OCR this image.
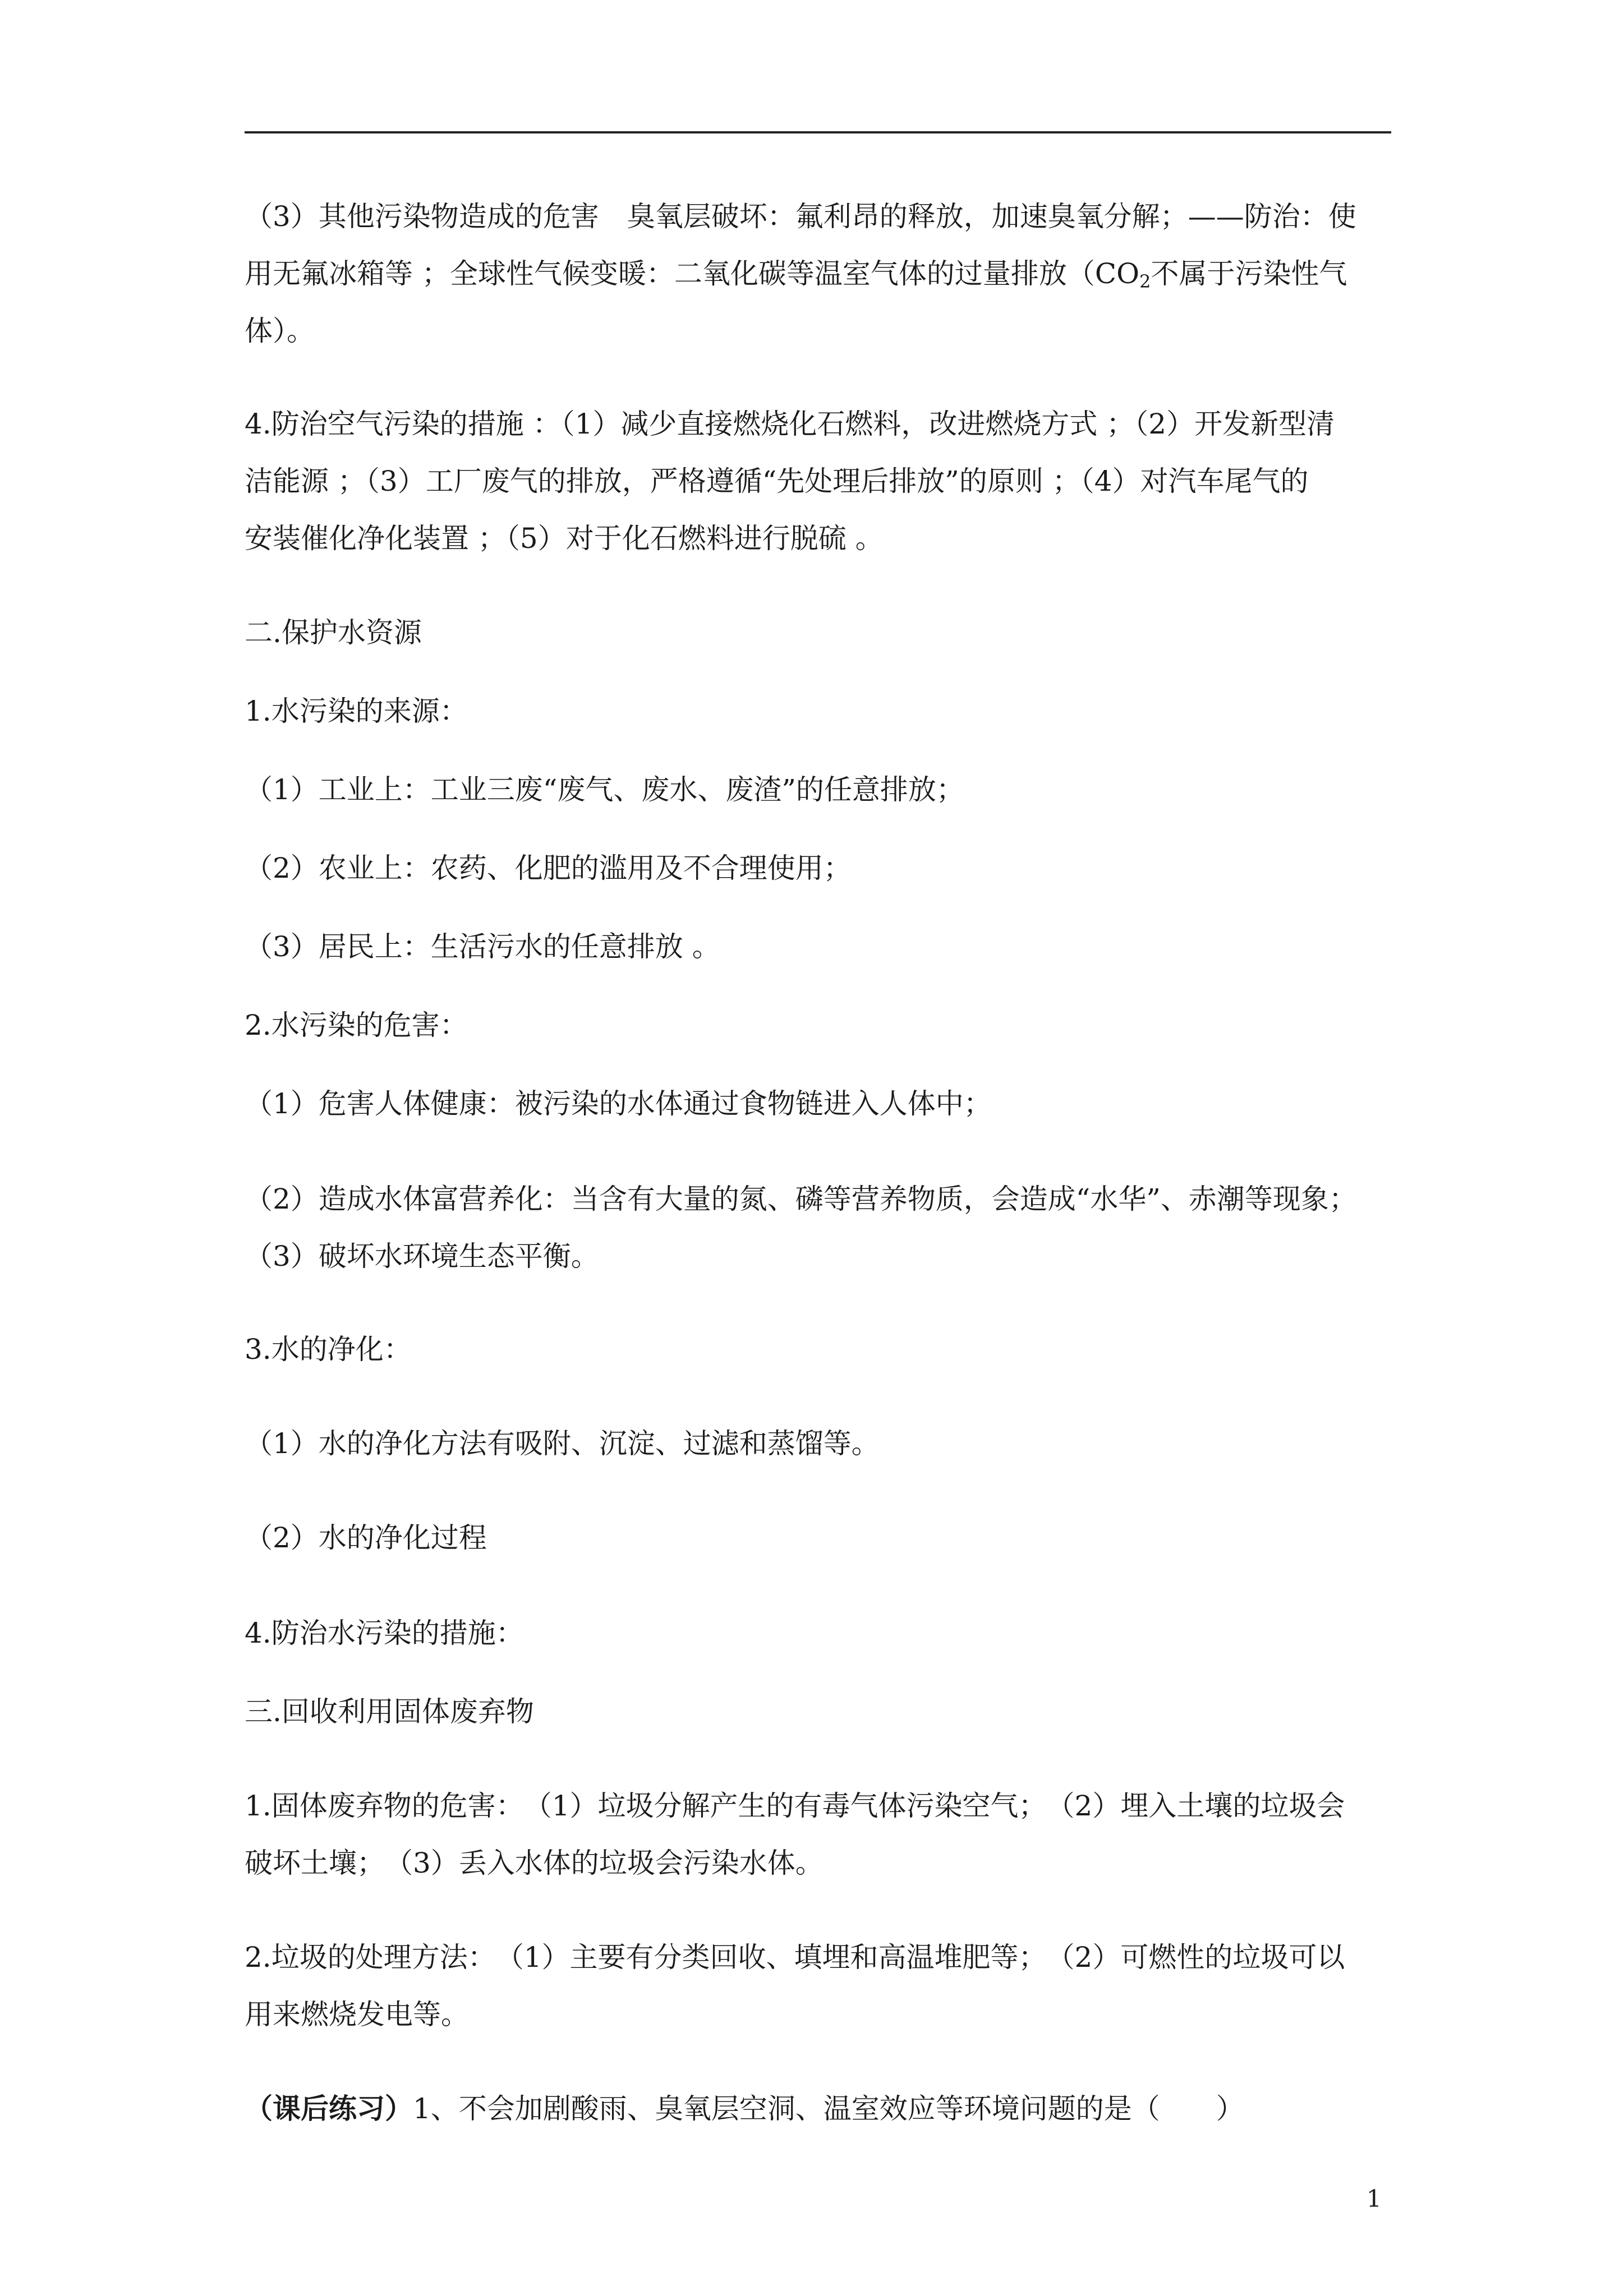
（3）其他污染物造成的危害　臭氧层破坏：氟利昂的释放，加速臭氧分解；——防治：使
用无氟冰箱等 ；全球性气候变暖：二氧化碳等温室气体的过量排放（$CO_2$不属于污染性气
体）。
4.防治空气污染的措施 ：（1）减少直接燃烧化石燃料，改进燃烧方式 ；（2）开发新型清
洁能源 ；（3）工厂废气的排放，严格遵循“先处理后排放”的原则 ；（4）对汽车尾气的
安装催化净化装置 ；（5）对于化石燃料进行脱硫 。
二.保护水资源
1.水污染的来源：
（1）工业上：工业三废“废气、废水、废渣”的任意排放；
（2）农业上：农药、化肥的滥用及不合理使用；
（3）居民上：生活污水的任意排放 。
2.水污染的危害：
（1）危害人体健康：被污染的水体通过食物链进入人体中；
（2）造成水体富营养化：当含有大量的氮、磷等营养物质，会造成“水华”、赤潮等现象；
（3）破坏水环境生态平衡。
3.水的净化：
（1）水的净化方法有吸附、沉淀、过滤和蒸馏等。
（2）水的净化过程
4.防治水污染的措施：
三.回收利用固体废弃物
1.固体废弃物的危害：　（1）垃圾分解产生的有毒气体污染空气；　（2）埋入土壤的垃圾会
破坏土壤；　（3）丢入水体的垃圾会污染水体。
2.垃圾的处理方法：　（1）主要有分类回收、填埋和高温堆肥等；　（2）可燃性的垃圾可以
用来燃烧发电等。
（课后练习）1、不会加剧酸雨、臭氧层空洞、温室效应等环境问题的是（　　）
1
